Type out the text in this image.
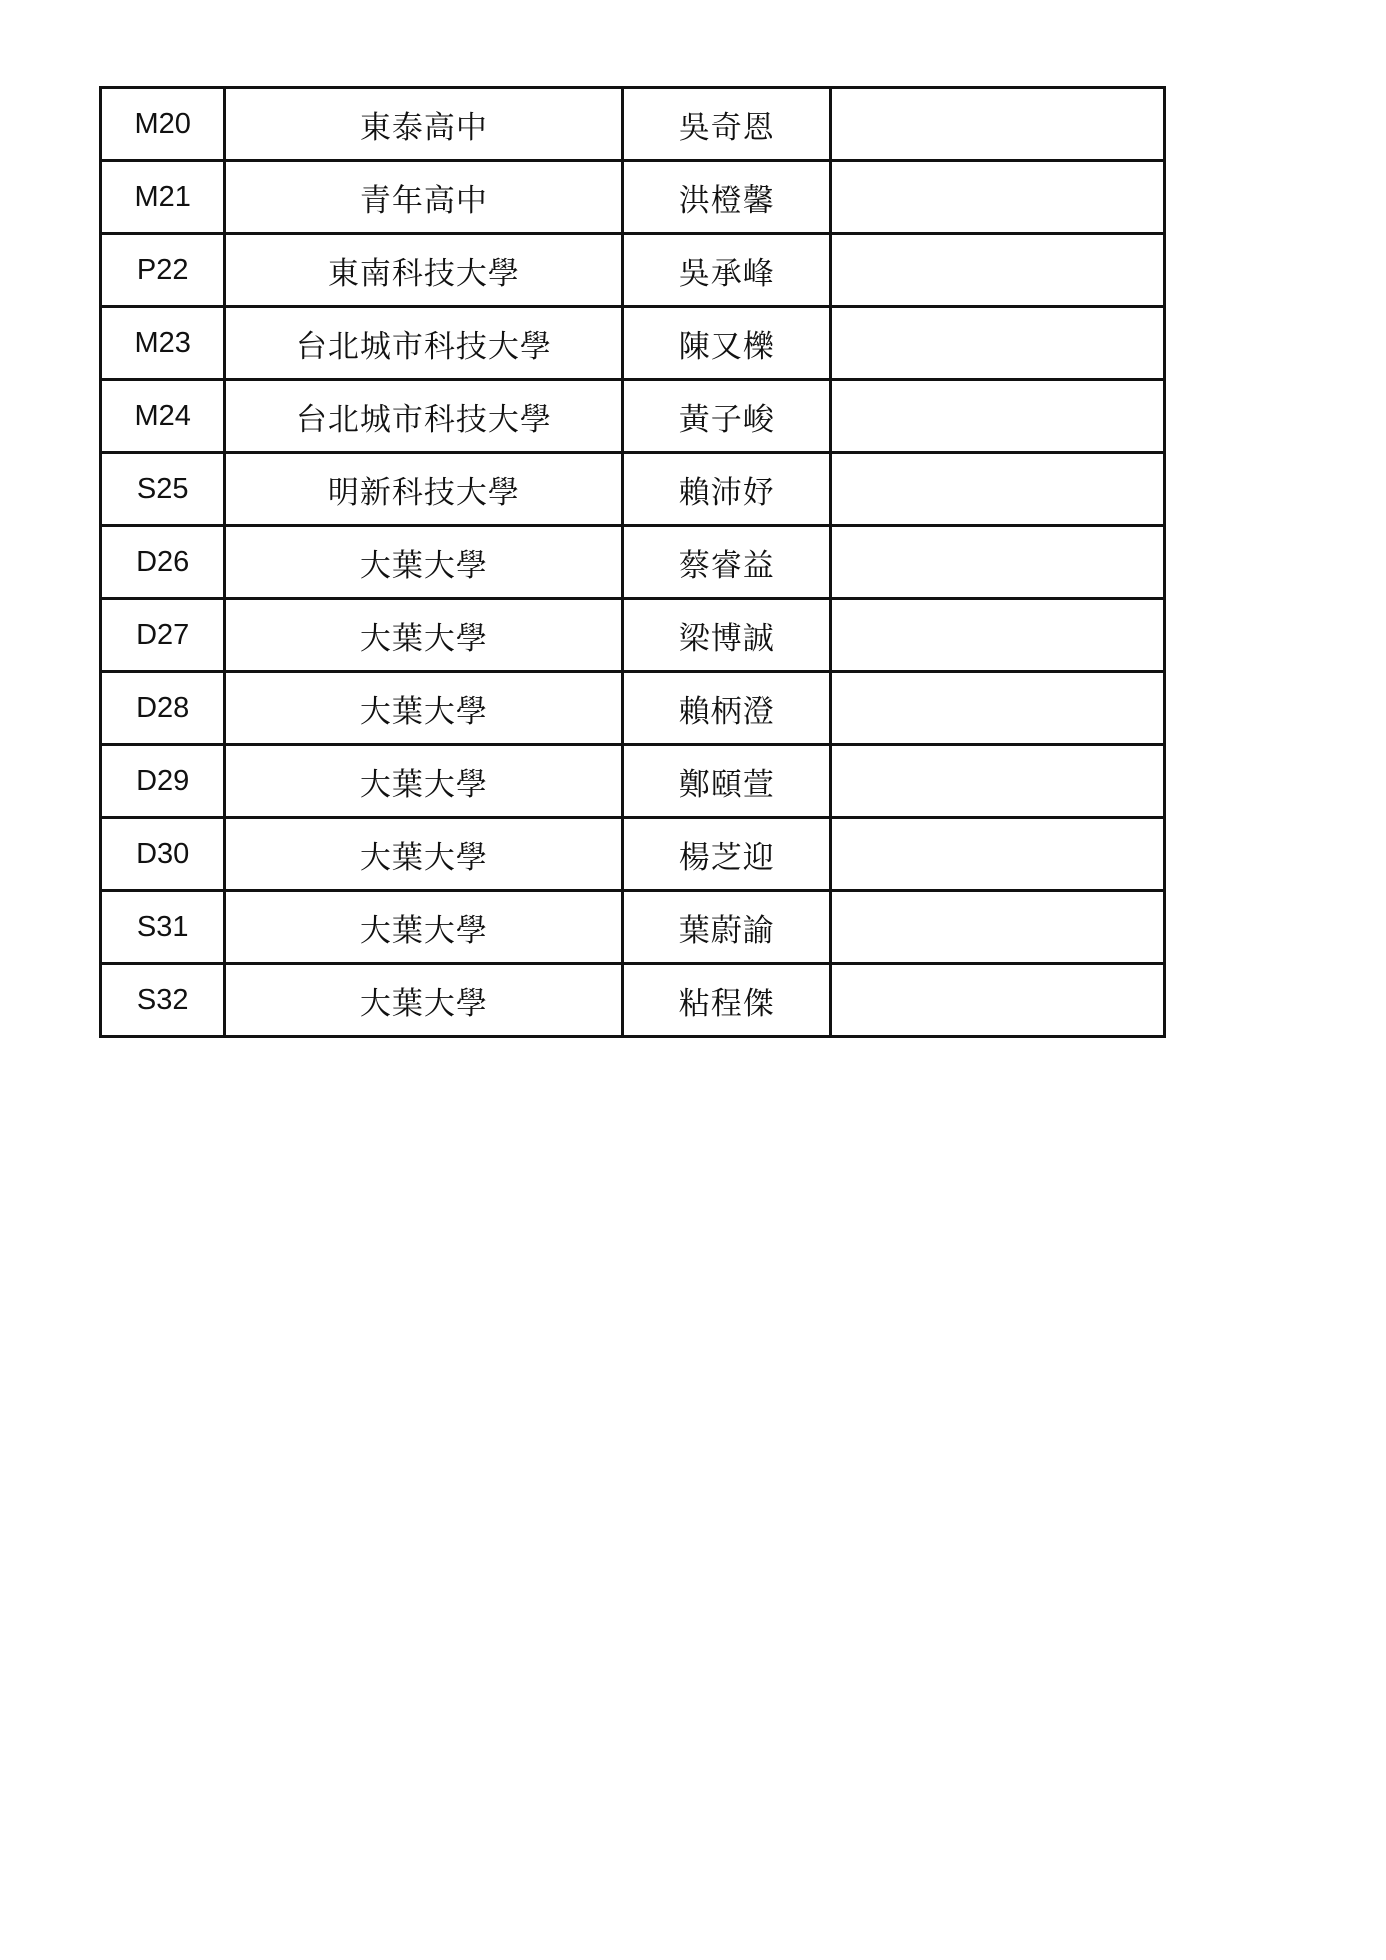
M20	東泰高中	吳奇恩	
M21	青年高中	洪橙馨	
P22	東南科技大學	吳承峰	
M23	台北城市科技大學	陳又櫟	
M24	台北城市科技大學	黃子峻	
S25	明新科技大學	賴沛妤	
D26	大葉大學	蔡睿益	
D27	大葉大學	梁博誠	
D28	大葉大學	賴柄澄	
D29	大葉大學	鄭頤萱	
D30	大葉大學	楊芝迎	
S31	大葉大學	葉蔚諭	
S32	大葉大學	粘程傑	
